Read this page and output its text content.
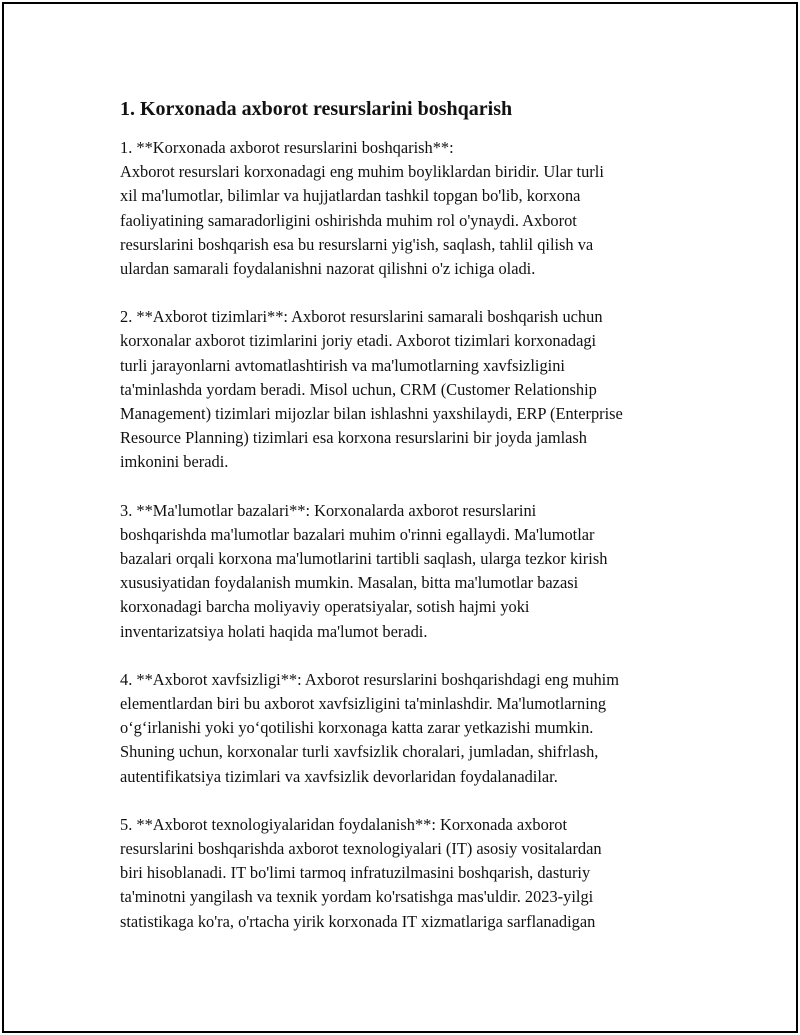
1. Korxonada axborot resurslarini boshqarish

1. **Korxonada axborot resurslarini boshqarish**:
Axborot resurslari korxonadagi eng muhim boyliklardan biridir. Ular turli
xil ma'lumotlar, bilimlar va hujjatlardan tashkil topgan bo'lib, korxona
faoliyatining samaradorligini oshirishda muhim rol o'ynaydi. Axborot
resurslarini boshqarish esa bu resurslarni yig'ish, saqlash, tahlil qilish va
ulardan samarali foydalanishni nazorat qilishni o'z ichiga oladi.

2. **Axborot tizimlari**: Axborot resurslarini samarali boshqarish uchun
korxonalar axborot tizimlarini joriy etadi. Axborot tizimlari korxonadagi
turli jarayonlarni avtomatlashtirish va ma'lumotlarning xavfsizligini
ta'minlashda yordam beradi. Misol uchun, CRM (Customer Relationship
Management) tizimlari mijozlar bilan ishlashni yaxshilaydi, ERP (Enterprise
Resource Planning) tizimlari esa korxona resurslarini bir joyda jamlash
imkonini beradi.

3. **Ma'lumotlar bazalari**: Korxonalarda axborot resurslarini
boshqarishda ma'lumotlar bazalari muhim o'rinni egallaydi. Ma'lumotlar
bazalari orqali korxona ma'lumotlarini tartibli saqlash, ularga tezkor kirish
xususiyatidan foydalanish mumkin. Masalan, bitta ma'lumotlar bazasi
korxonadagi barcha moliyaviy operatsiyalar, sotish hajmi yoki
inventarizatsiya holati haqida ma'lumot beradi.

4. **Axborot xavfsizligi**: Axborot resurslarini boshqarishdagi eng muhim
elementlardan biri bu axborot xavfsizligini ta'minlashdir. Ma'lumotlarning
o‘g‘irlanishi yoki yo‘qotilishi korxonaga katta zarar yetkazishi mumkin.
Shuning uchun, korxonalar turli xavfsizlik choralari, jumladan, shifrlash,
autentifikatsiya tizimlari va xavfsizlik devorlaridan foydalanadilar.

5. **Axborot texnologiyalaridan foydalanish**: Korxonada axborot
resurslarini boshqarishda axborot texnologiyalari (IT) asosiy vositalardan
biri hisoblanadi. IT bo'limi tarmoq infratuzilmasini boshqarish, dasturiy
ta'minotni yangilash va texnik yordam ko'rsatishga mas'uldir. 2023-yilgi
statistikaga ko'ra, o'rtacha yirik korxonada IT xizmatlariga sarflanadigan
